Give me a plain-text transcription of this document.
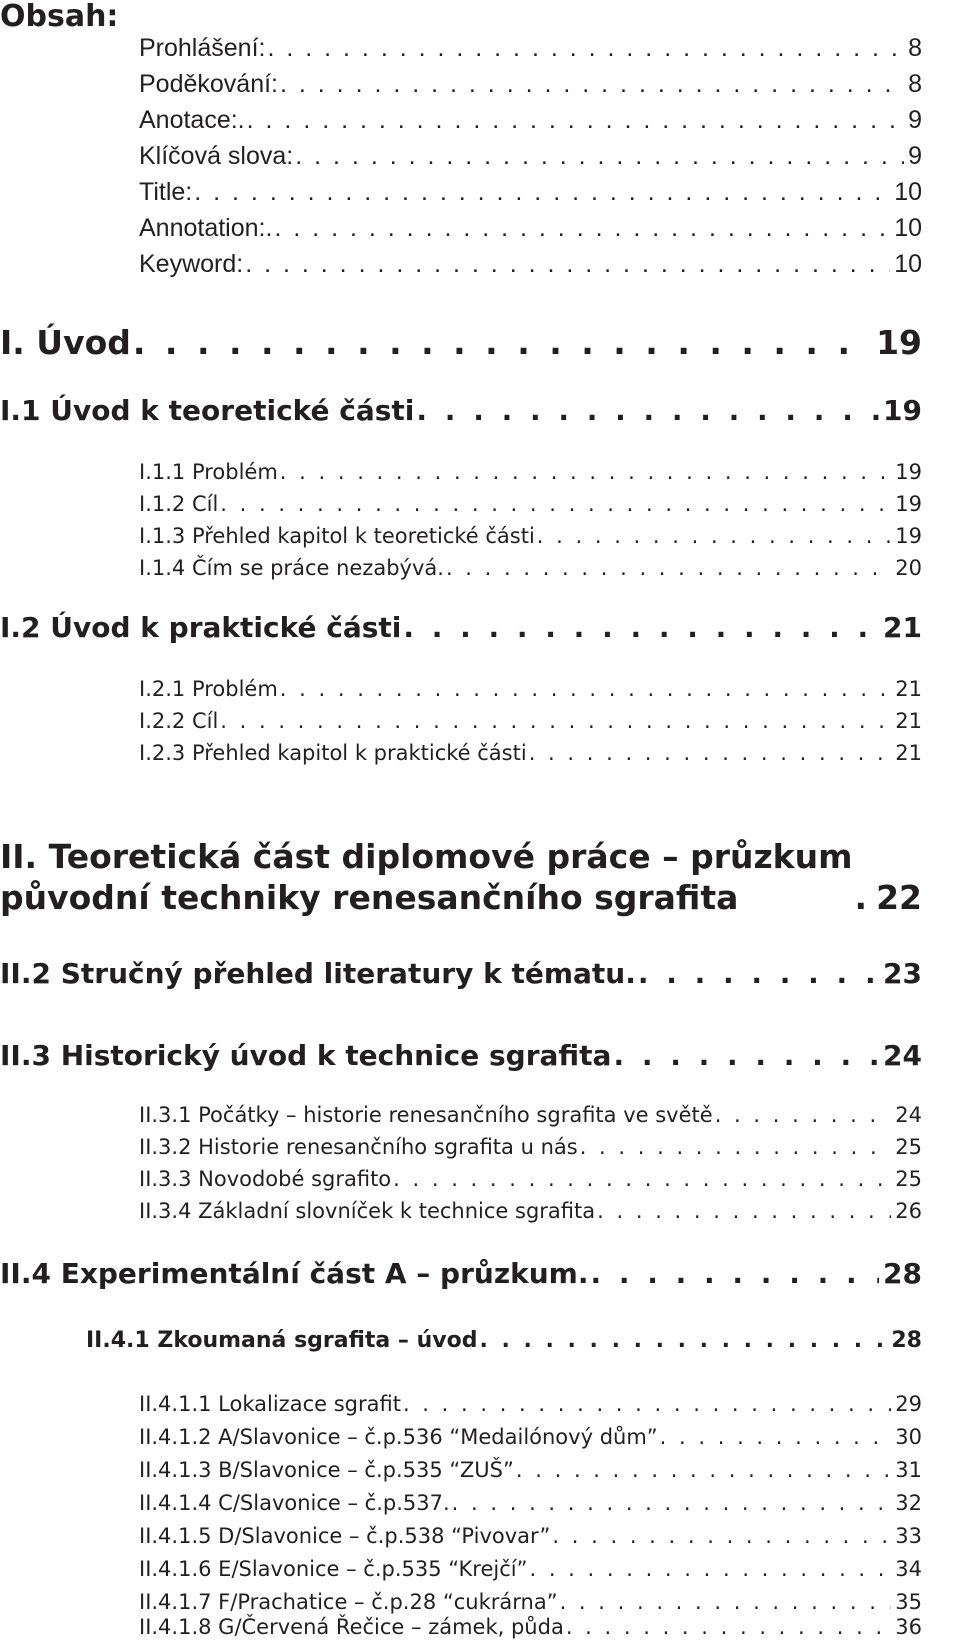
Obsah:
Prohlášení: . . .	8
Poděkování: . . .	8
Anotace:. . . .	9
Klíčová slova: . . .	9
Title: . . .	10
Annotation:. . . .	10
Keyword: . . .	10
I. Úvod . . .	19
I.1 Úvod k teoretické části . . .	19
I.1.1 Problém . . .	19
I.1.2 Cíl . . .	19
I.1.3 Přehled kapitol k teoretické části . . .	19
I.1.4 Čím se práce nezabývá. . . .	20
I.2 Úvod k praktické části . . .	21
I.2.1 Problém . . .	21
I.2.2 Cíl . . .	21
I.2.3 Přehled kapitol k praktické části . . .	21
II. Teoretická část diplomové práce – průzkum
původní techniky renesančního sgrafita . . .	22
II.2 Stručný přehled literatury k tématu. . . .	23
II.3 Historický úvod k technice sgrafita . . .	24
II.3.1 Počátky – historie renesančního sgrafita ve světě . . .	24
II.3.2 Historie renesančního sgrafita u nás . . .	25
II.3.3 Novodobé sgrafito . . .	25
II.3.4 Základní slovníček k technice sgrafita . . .	26
II.4 Experimentální část A – průzkum. . . .	28
II.4.1 Zkoumaná sgrafita – úvod . . .	28
II.4.1.1 Lokalizace sgrafit . . .	29
II.4.1.2 A/Slavonice – č.p.536 “Medailónový dům” . . .	30
II.4.1.3 B/Slavonice – č.p.535 “ZUŠ” . . .	31
II.4.1.4 C/Slavonice – č.p.537. . . .	32
II.4.1.5 D/Slavonice – č.p.538 “Pivovar” . . .	33
II.4.1.6 E/Slavonice – č.p.535 “Krejčí” . . .	34
II.4.1.7 F/Prachatice – č.p.28 “cukrárna” . . .	35
II.4.1.8 G/Červená Řečice – zámek, půda . . .	36
